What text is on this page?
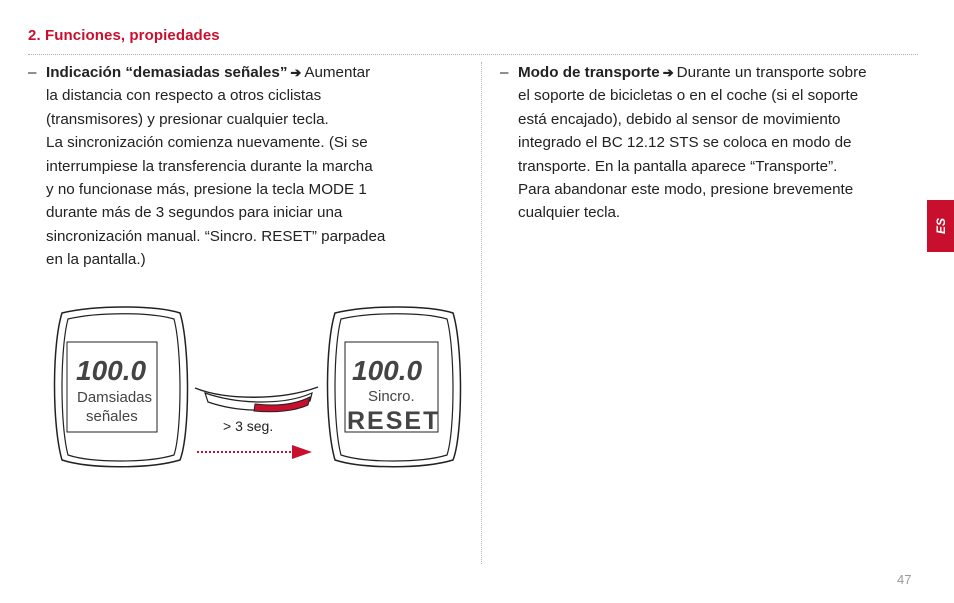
2. Funciones, propiedades
– Indicación “demasiadas señales” ➔ Aumentar
la distancia con respecto a otros ciclistas
(transmisores) y presionar cualquier tecla.
La sincronización comienza nuevamente. (Si se
interrumpiese la transferencia durante la marcha
y no funcionase más, presione la tecla MODE 1
durante más de 3 segundos para iniciar una
sincronización manual. “Sincro. RESET” parpadea
en la pantalla.)
– Modo de transporte ➔ Durante un transporte sobre
el soporte de bicicletas o en el coche (si el soporte
está encajado), debido al sensor de movimiento
integrado el BC 12.12 STS se coloca en modo de
transporte. En la pantalla aparece “Transporte”.
Para abandonar este modo, presione brevemente
cualquier tecla.
100.0
Damsiadas
señales
100.0
Sincro.
RESET
> 3 seg.
ES
47
